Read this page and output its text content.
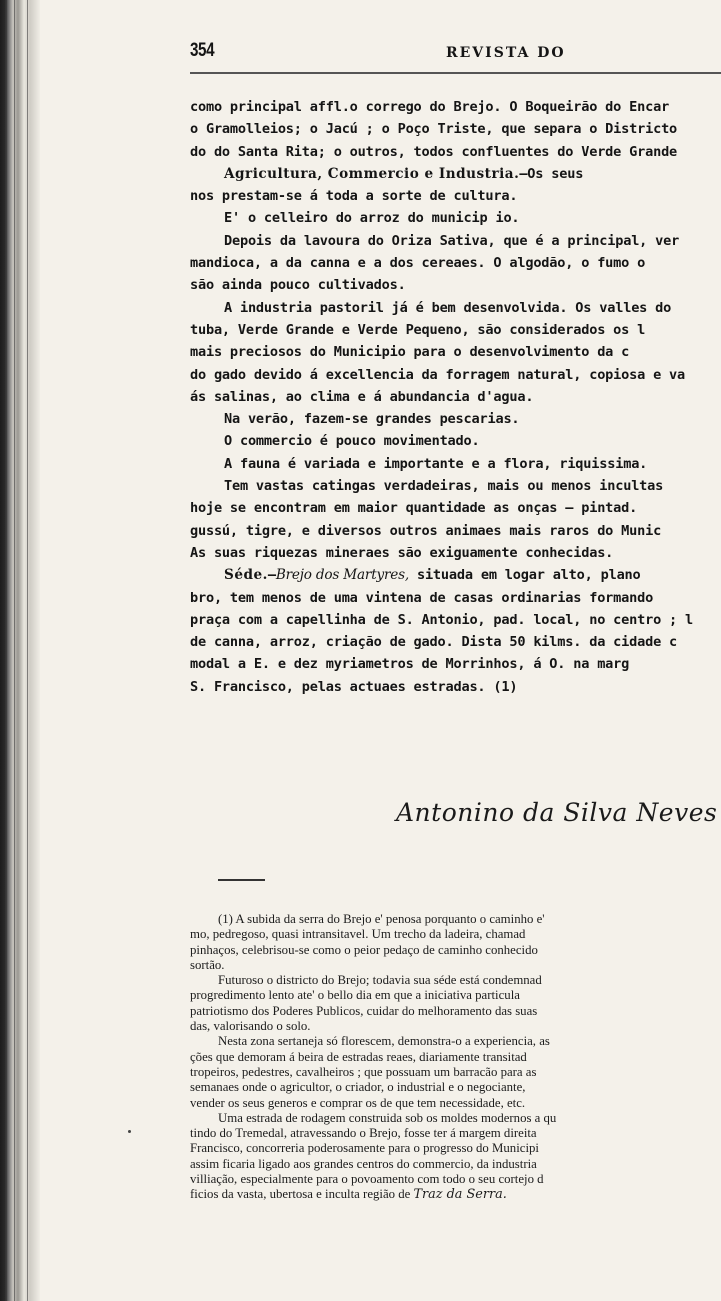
354	REVISTA DO
como principal affl.o corrego do Brejo. O Boqueirão do Encar
o Gramolleios; o Jacú ; o Poço Triste, que separa o Districto
do do Santa Rita; o outros, todos confluentes do Verde Grande
Agricultura, Commercio e Industria.—Os seus
nos prestam-se á toda a sorte de cultura.
E' o celleiro do arroz do municip io.
Depois da lavoura do Oriza Sativa, que é a principal, ver
mandioca, a da canna e a dos cereaes. O algodão, o fumo o
são ainda pouco cultivados.
A industria pastoril já é bem desenvolvida. Os valles do
tuba, Verde Grande e Verde Pequeno, são considerados os l
mais preciosos do Municipio para o desenvolvimento da c
do gado devido á excellencia da forragem natural, copiosa e va
ás salinas, ao clima e á abundancia d'agua.
Na verão, fazem-se grandes pescarias.
O commercio é pouco movimentado.
A fauna é variada e importante e a flora, riquissima.
Tem vastas catingas verdadeiras, mais ou menos incultas
hoje se encontram em maior quantidade as onças — pintad.
gussú, tigre, e diversos outros animaes mais raros do Munic
As suas riquezas mineraes são exiguamente conhecidas.
Séde.—Brejo dos Martyres, situada em logar alto, plano
bro, tem menos de uma vintena de casas ordinarias formando
praça com a capellinha de S. Antonio, pad. local, no centro ; l
de canna, arroz, criação de gado. Dista 50 kilms. da cidade c
modal a E. e dez myriametros de Morrinhos, á O. na marg
S. Francisco, pelas actuaes estradas. (1)
Antonino da Silva Neves
(1) A subida da serra do Brejo e' penosa porquanto o caminho e'
mo, pedregoso, quasi intransitavel. Um trecho da ladeira, chamad
pinhaços, celebrisou-se como o peior pedaço de caminho conhecido
sortão.
Futuroso o districto do Brejo; todavia sua séde está condemnad
progredimento lento ate' o bello dia em que a iniciativa particula
patriotismo dos Poderes Publicos, cuidar do melhoramento das suas
das, valorisando o solo.
Nesta zona sertaneja só florescem, demonstra-o a experiencia, as
ções que demoram á beira de estradas reaes, diariamente transitad
tropeiros, pedestres, cavalheiros ; que possuam um barracão para as
semanaes onde o agricultor, o criador, o industrial e o negociante,
vender os seus generos e comprar os de que tem necessidade, etc.
Uma estrada de rodagem construida sob os moldes modernos a qu
tindo do Tremedal, atravessando o Brejo, fosse ter á margem direita
Francisco, concorreria poderosamente para o progresso do Municipi
assim ficaria ligado aos grandes centros do commercio, da industria
villiação, especialmente para o povoamento com todo o seu cortejo d
ficios da vasta, ubertosa e inculta região de Traz da Serra.
